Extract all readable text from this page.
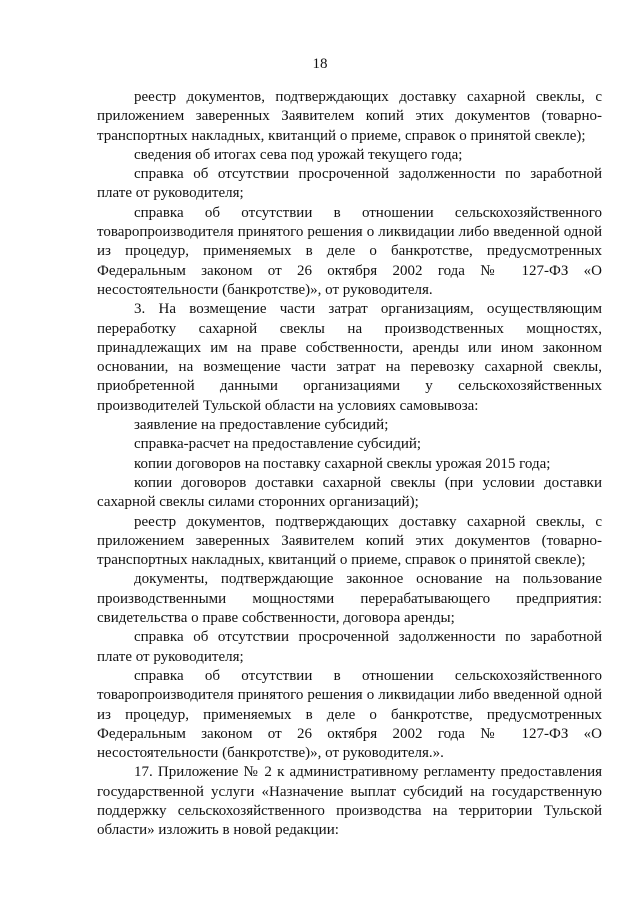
18

реестр документов, подтверждающих доставку сахарной свеклы, с приложением заверенных Заявителем копий этих документов (товарно-транспортных накладных, квитанций о приеме, справок о принятой свекле);

сведения об итогах сева под урожай текущего года;

справка об отсутствии просроченной задолженности по заработной плате от руководителя;

справка об отсутствии в отношении сельскохозяйственного товаропроизводителя принятого решения о ликвидации либо введенной одной из процедур, применяемых в деле о банкротстве, предусмотренных Федеральным законом от 26 октября 2002 года № 127-ФЗ «О несостоятельности (банкротстве)», от руководителя.

3. На возмещение части затрат организациям, осуществляющим переработку сахарной свеклы на производственных мощностях, принадлежащих им на праве собственности, аренды или ином законном основании, на возмещение части затрат на перевозку сахарной свеклы, приобретенной данными организациями у сельскохозяйственных производителей Тульской области на условиях самовывоза:

заявление на предоставление субсидий;

справка-расчет на предоставление субсидий;

копии договоров на поставку сахарной свеклы урожая 2015 года;

копии договоров доставки сахарной свеклы (при условии доставки сахарной свеклы силами сторонних организаций);

реестр документов, подтверждающих доставку сахарной свеклы, с приложением заверенных Заявителем копий этих документов (товарно-транспортных накладных, квитанций о приеме, справок о принятой свекле);

документы, подтверждающие законное основание на пользование производственными мощностями перерабатывающего предприятия: свидетельства о праве собственности, договора аренды;

справка об отсутствии просроченной задолженности по заработной плате от руководителя;

справка об отсутствии в отношении сельскохозяйственного товаропроизводителя принятого решения о ликвидации либо введенной одной из процедур, применяемых в деле о банкротстве, предусмотренных Федеральным законом от 26 октября 2002 года № 127-ФЗ «О несостоятельности (банкротстве)», от руководителя.».

17. Приложение № 2 к административному регламенту предоставления государственной услуги «Назначение выплат субсидий на государственную поддержку сельскохозяйственного производства на территории Тульской области» изложить в новой редакции:
